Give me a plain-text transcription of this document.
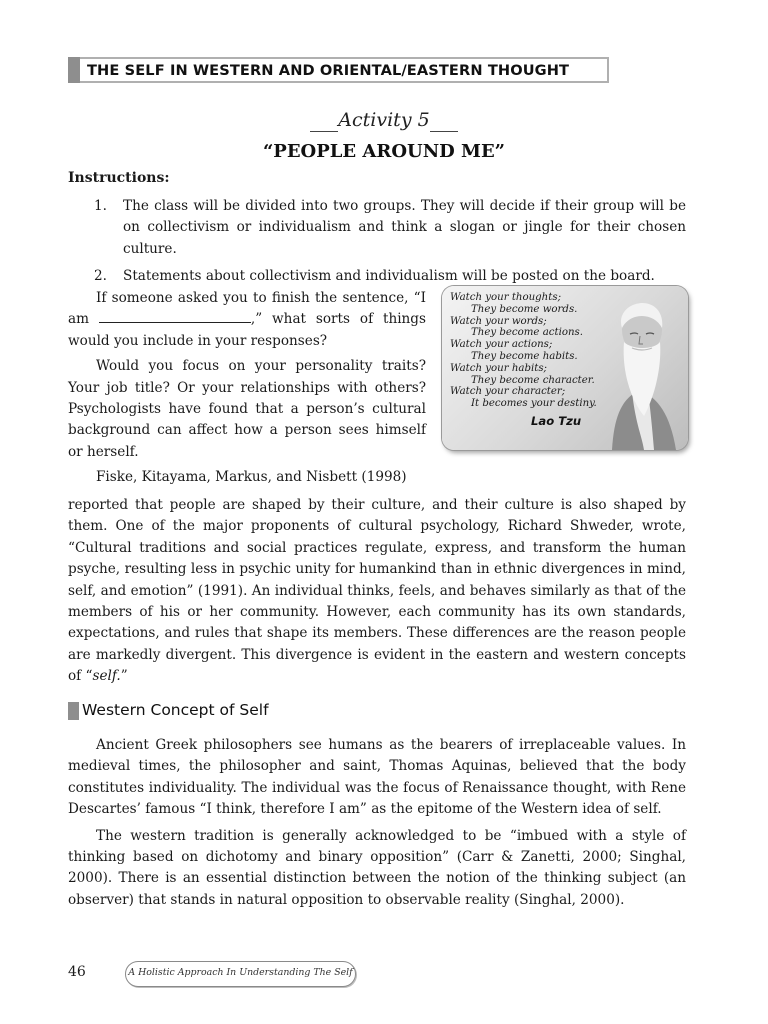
THE SELF IN WESTERN AND ORIENTAL/EASTERN THOUGHT
Activity 5
“PEOPLE AROUND ME”
Instructions:
1. The class will be divided into two groups. They will decide if their group will be on collectivism or individualism and think a slogan or jingle for their chosen culture.
2. Statements about collectivism and individualism will be posted on the board.

If someone asked you to finish the sentence, “I am	,” what sorts of things would you include in your responses?

Would you focus on your personality traits? Your job title? Or your relationships with others? Psychologists have found that a person’s cultural background can affect how a person sees himself or herself.

Fiske, Kitayama, Markus, and Nisbett (1998)

Watch your thoughts;
They become words.
Watch your words;
They become actions.
Watch your actions;
They become habits.
Watch your habits;
They become character.
Watch your character;
It becomes your destiny.
Lao Tzu

reported that people are shaped by their culture, and their culture is also shaped by them. One of the major proponents of cultural psychology, Richard Shweder, wrote, “Cultural traditions and social practices regulate, express, and transform the human psyche, resulting less in psychic unity for humankind than in ethnic divergences in mind, self, and emotion” (1991). An individual thinks, feels, and behaves similarly as that of the members of his or her community. However, each community has its own standards, expectations, and rules that shape its members. These differences are the reason people are markedly divergent. This divergence is evident in the eastern and western concepts of “self.”

Western Concept of Self

Ancient Greek philosophers see humans as the bearers of irreplaceable values. In medieval times, the philosopher and saint, Thomas Aquinas, believed that the body constitutes individuality. The individual was the focus of Renaissance thought, with Rene Descartes’ famous “I think, therefore I am” as the epitome of the Western idea of self.

The western tradition is generally acknowledged to be “imbued with a style of thinking based on dichotomy and binary opposition” (Carr & Zanetti, 2000; Singhal, 2000). There is an essential distinction between the notion of the thinking subject (an observer) that stands in natural opposition to observable reality (Singhal, 2000).

46	A Holistic Approach In Understanding The Self
